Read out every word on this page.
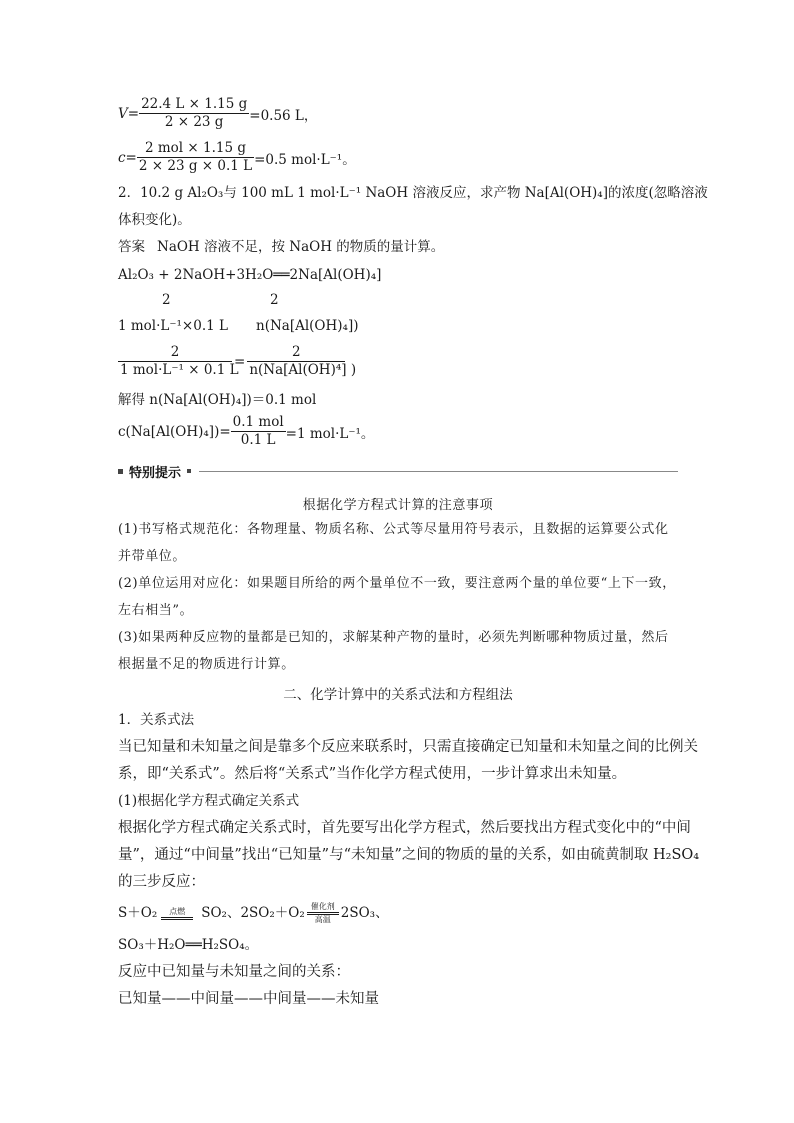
$V= \frac{22.4 L \times 1.15 g}{2 \times 23 g} =0.56$ L，
$c= \frac{\text{2 mol × 1.15 g}}{2 \times 23 g \times 0.1 L} =0.5$ mol·L⁻¹。
2．10.2 g Al₂O₃与 100 mL 1 mol·L⁻¹ NaOH 溶液反应，求产物 Na[Al(OH)₄]的浓度(忽略溶液
体积变化)。
答案 NaOH 溶液不足，按 NaOH 的物质的量计算。
Al₂O₃ + 2NaOH+3H₂O══2Na[Al(OH)₄]
2	2
1 mol·L⁻¹×0.1 L n(Na[Al(OH)₄])
$\frac{2}{\text{1 mol·L⁻¹ × 0.1 L}} = \frac{2}{\text{n(Na[Al(OH)⁴] )}}$
解得 n(Na[Al(OH)₄])＝0.1 mol
$c(Na[Al(OH)_4])= \frac{\text{0.1 mol}}{0.1 L} =1$ mol·L⁻¹。
特别提示
根据化学方程式计算的注意事项
(1)书写格式规范化：各物理量、物质名称、公式等尽量用符号表示，且数据的运算要公式化
并带单位。
(2)单位运用对应化：如果题目所给的两个量单位不一致，要注意两个量的单位要“上下一致，
左右相当”。
(3)如果两种反应物的量都是已知的，求解某种产物的量时，必须先判断哪种物质过量，然后
根据量不足的物质进行计算。
二、化学计算中的关系式法和方程组法
1．关系式法
当已知量和未知量之间是靠多个反应来联系时，只需直接确定已知量和未知量之间的比例关
系，即“关系式”。然后将“关系式”当作化学方程式使用，一步计算求出未知量。
(1)根据化学方程式确定关系式
根据化学方程式确定关系式时，首先要写出化学方程式，然后要找出方程式变化中的“中间
量”，通过“中间量”找出“已知量”与“未知量”之间的物质的量的关系，如由硫黄制取 H₂SO₄
的三步反应：
S＋O₂	点燃	SO₂、2SO₂＋O₂ 催化剂
高温 2SO₃、
SO₃＋H₂O══H₂SO₄。
反应中已知量与未知量之间的关系：
已知量——中间量——中间量——未知量
